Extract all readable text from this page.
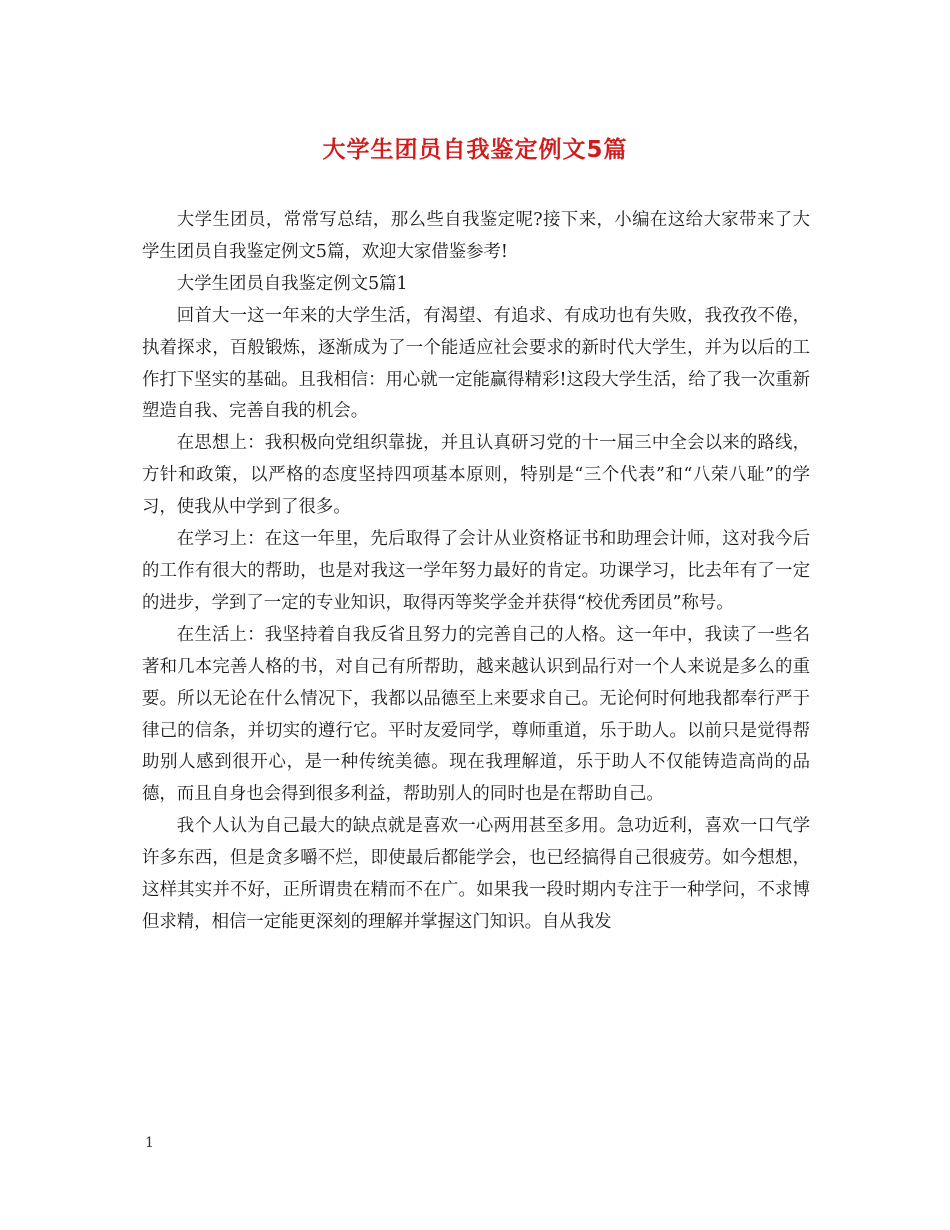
大学生团员自我鉴定例文5篇

大学生团员，常常写总结，那么些自我鉴定呢?接下来，小编在这给大家带来了大学生团员自我鉴定例文5篇，欢迎大家借鉴参考!

大学生团员自我鉴定例文5篇1

回首大一这一年来的大学生活，有渴望、有追求、有成功也有失败，我孜孜不倦，执着探求，百般锻炼，逐渐成为了一个能适应社会要求的新时代大学生，并为以后的工作打下坚实的基础。且我相信：用心就一定能赢得精彩!这段大学生活，给了我一次重新塑造自我、完善自我的机会。

在思想上：我积极向党组织靠拢，并且认真研习党的十一届三中全会以来的路线，方针和政策，以严格的态度坚持四项基本原则，特别是“三个代表”和“八荣八耻”的学习，使我从中学到了很多。

在学习上：在这一年里，先后取得了会计从业资格证书和助理会计师，这对我今后的工作有很大的帮助，也是对我这一学年努力最好的肯定。功课学习，比去年有了一定的进步，学到了一定的专业知识，取得丙等奖学金并获得“校优秀团员”称号。

在生活上：我坚持着自我反省且努力的完善自己的人格。这一年中，我读了一些名著和几本完善人格的书，对自己有所帮助，越来越认识到品行对一个人来说是多么的重要。所以无论在什么情况下，我都以品德至上来要求自己。无论何时何地我都奉行严于律己的信条，并切实的遵行它。平时友爱同学，尊师重道，乐于助人。以前只是觉得帮助别人感到很开心，是一种传统美德。现在我理解道，乐于助人不仅能铸造高尚的品德，而且自身也会得到很多利益，帮助别人的同时也是在帮助自己。

我个人认为自己最大的缺点就是喜欢一心两用甚至多用。急功近利，喜欢一口气学许多东西，但是贪多嚼不烂，即使最后都能学会，也已经搞得自己很疲劳。如今想想，这样其实并不好，正所谓贵在精而不在广。如果我一段时期内专注于一种学问，不求博但求精，相信一定能更深刻的理解并掌握这门知识。自从我发

1
